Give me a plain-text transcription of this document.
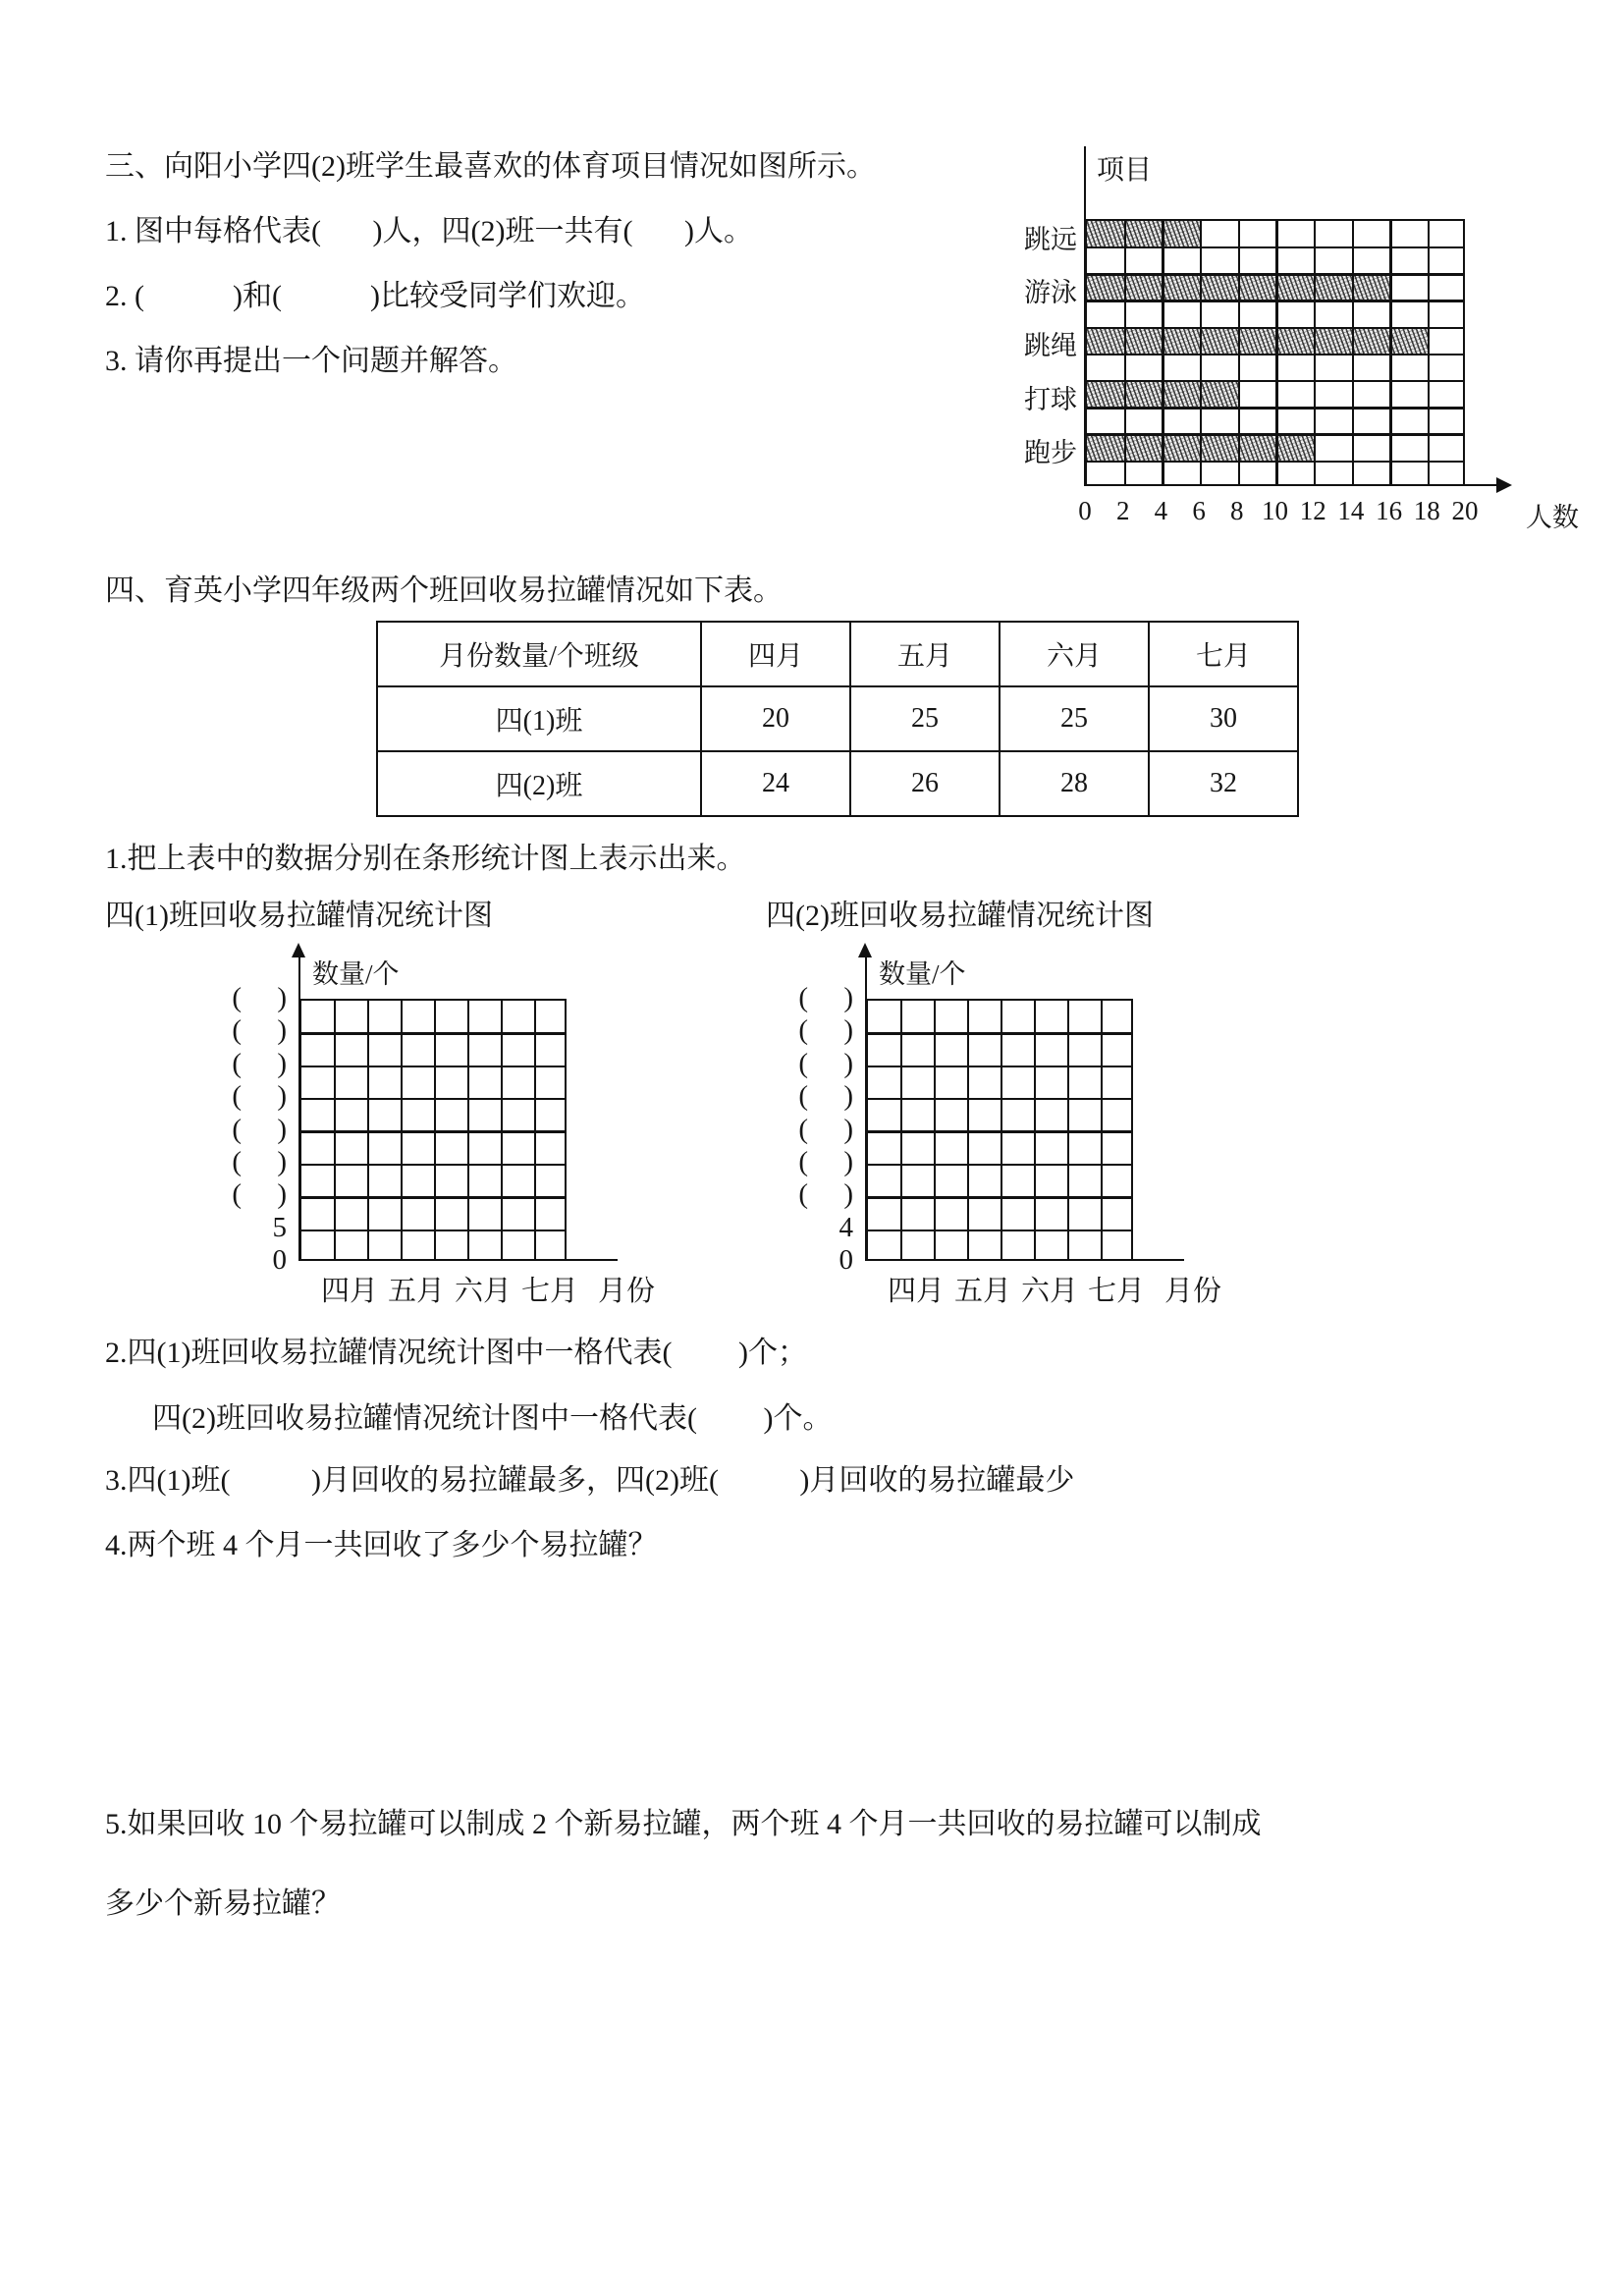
三、向阳小学四(2)班学生最喜欢的体育项目情况如图所示。
1. 图中每格代表(       )人，四(2)班一共有(       )人。
2. (            )和(            )比较受同学们欢迎。
3. 请你再提出一个问题并解答。
项目
跳远
游泳
跳绳
打球
跑步
0 2 4 6 8 10 12 14 16 18 20 人数
四、育英小学四年级两个班回收易拉罐情况如下表。
月份数量/个班级	四月	五月	六月	七月
四(1)班	20	25	25	30
四(2)班	24	26	28	32
1.把上表中的数据分别在条形统计图上表示出来。
四(1)班回收易拉罐情况统计图	四(2)班回收易拉罐情况统计图
数量/个
(     )
(     )
(     )
(     )
(     )
(     )
(     )
5
0
四月 五月 六月 七月 月份
数量/个
(     )
(     )
(     )
(     )
(     )
(     )
(     )
4
0
四月 五月 六月 七月 月份
2.四(1)班回收易拉罐情况统计图中一格代表(         )个；
四(2)班回收易拉罐情况统计图中一格代表(         )个。
3.四(1)班(           )月回收的易拉罐最多，四(2)班(           )月回收的易拉罐最少
4.两个班 4 个月一共回收了多少个易拉罐？
5.如果回收 10 个易拉罐可以制成 2 个新易拉罐，两个班 4 个月一共回收的易拉罐可以制成
多少个新易拉罐？
